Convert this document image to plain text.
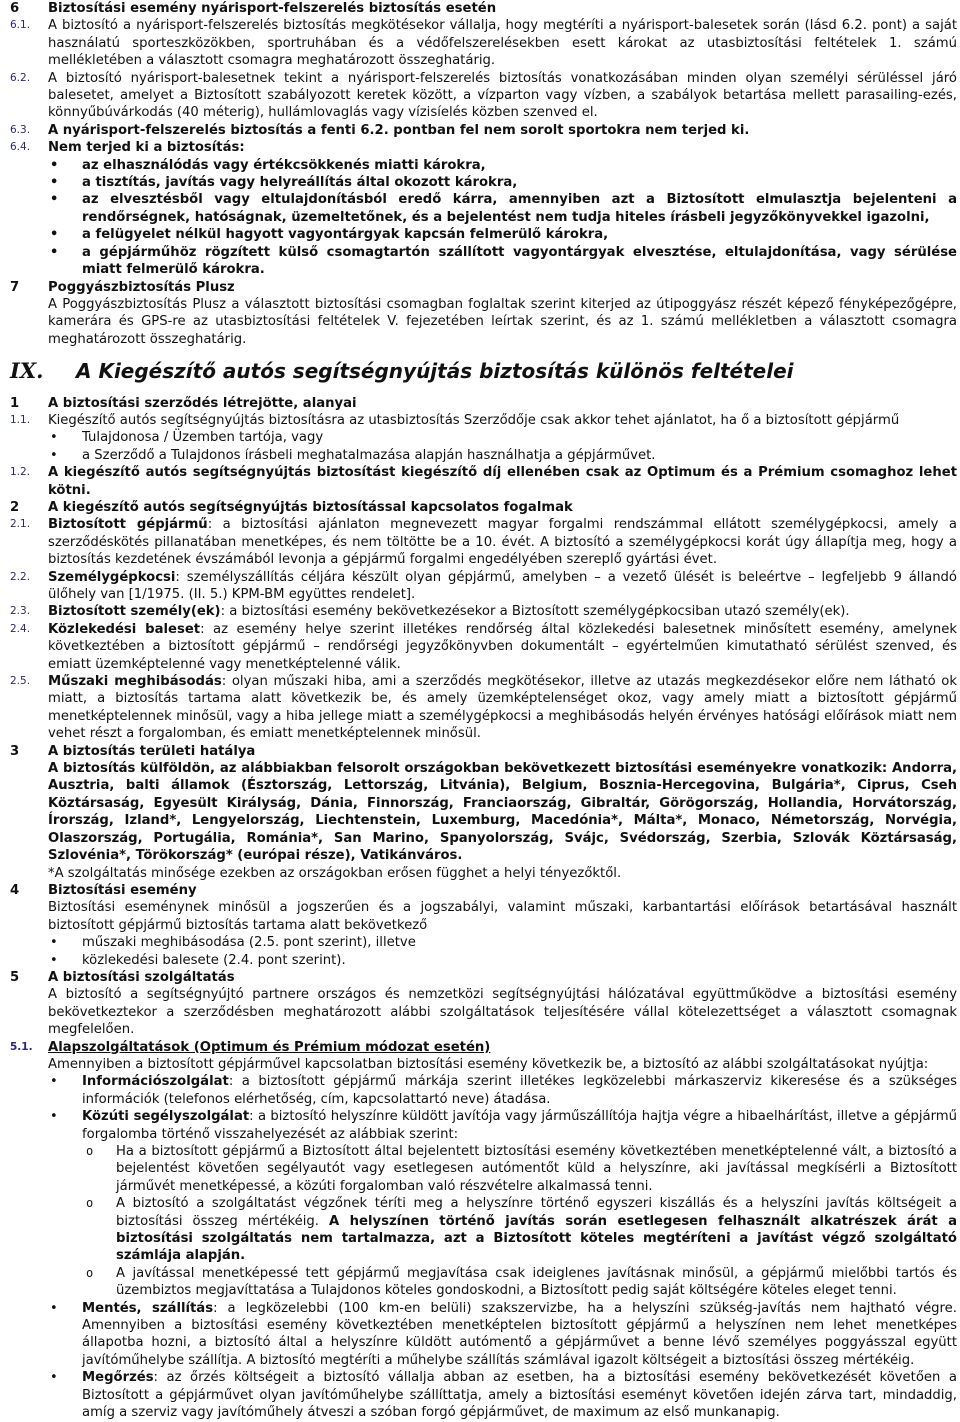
6	Biztosítási esemény nyárisport-felszerelés biztosítás esetén
6.1.	A biztosító a nyárisport-felszerelés biztosítás megkötésekor vállalja, hogy megtéríti a nyárisport-balesetek során (lásd 6.2. pont) a saját használatú sporteszközökben, sportruhában és a védőfelszerelésekben esett károkat az utasbiztosítási feltételek 1. számú mellékletében a választott csomagra meghatározott összeghatárig.
6.2.	A biztosító nyárisport-balesetnek tekint a nyárisport-felszerelés biztosítás vonatkozásában minden olyan személyi sérüléssel járó balesetet, amelyet a Biztosított szabályozott keretek között, a vízparton vagy vízben, a szabályok betartása mellett parasailing-ezés, könnyűbúvárkodás (40 méterig), hullámlovaglás vagy vízisíelés közben szenved el.
6.3.	A nyárisport-felszerelés biztosítás a fenti 6.2. pontban fel nem sorolt sportokra nem terjed ki.
6.4.	Nem terjed ki a biztosítás:
• az elhasználódás vagy értékcsökkenés miatti károkra,
• a tisztítás, javítás vagy helyreállítás által okozott károkra,
• az elvesztésből vagy eltulajdonításból eredő kárra, amennyiben azt a Biztosított elmulasztja bejelenteni a rendőrségnek, hatóságnak, üzemeltetőnek, és a bejelentést nem tudja hiteles írásbeli jegyzőkönyvekkel igazolni,
• a felügyelet nélkül hagyott vagyontárgyak kapcsán felmerülő károkra,
• a gépjárműhöz rögzített külső csomagtartón szállított vagyontárgyak elvesztése, eltulajdonítása, vagy sérülése miatt felmerülő károkra.
7	Poggyászbiztosítás Plusz
A Poggyászbiztosítás Plusz a választott biztosítási csomagban foglaltak szerint kiterjed az útipoggyász részét képező fényképezőgépre, kamerára és GPS-re az utasbiztosítási feltételek V. fejezetében leírtak szerint, és az 1. számú mellékletben a választott csomagra meghatározott összeghatárig.
IX.	A Kiegészítő autós segítségnyújtás biztosítás különös feltételei
1	A biztosítási szerződés létrejötte, alanyai
1.1.	Kiegészítő autós segítségnyújtás biztosításra az utasbiztosítás Szerződője csak akkor tehet ajánlatot, ha ő a biztosított gépjármű
• Tulajdonosa / Üzemben tartója, vagy
• a Szerződő a Tulajdonos írásbeli meghatalmazása alapján használhatja a gépjárművet.
1.2.	A kiegészítő autós segítségnyújtás biztosítást kiegészítő díj ellenében csak az Optimum és a Prémium csomaghoz lehet kötni.
2	A kiegészítő autós segítségnyújtás biztosítással kapcsolatos fogalmak
2.1.	Biztosított gépjármű: a biztosítási ajánlaton megnevezett magyar forgalmi rendszámmal ellátott személygépkocsi, amely a szerződéskötés pillanatában menetképes, és nem töltötte be a 10. évét. A biztosító a személygépkocsi korát úgy állapítja meg, hogy a biztosítás kezdetének évszámából levonja a gépjármű forgalmi engedélyében szereplő gyártási évet.
2.2.	Személygépkocsi: személyszállítás céljára készült olyan gépjármű, amelyben – a vezető ülését is beleértve – legfeljebb 9 állandó ülőhely van [1/1975. (II. 5.) KPM-BM együttes rendelet].
2.3.	Biztosított személy(ek): a biztosítási esemény bekövetkezésekor a Biztosított személygépkocsiban utazó személy(ek).
2.4.	Közlekedési baleset: az esemény helye szerint illetékes rendőrség által közlekedési balesetnek minősített esemény, amelynek következtében a biztosított gépjármű – rendőrségi jegyzőkönyvben dokumentált – egyértelműen kimutatható sérülést szenved, és emiatt üzemképtelenné vagy menetképtelenné válik.
2.5.	Műszaki meghibásodás: olyan műszaki hiba, ami a szerződés megkötésekor, illetve az utazás megkezdésekor előre nem látható ok miatt, a biztosítás tartama alatt következik be, és amely üzemképtelenséget okoz, vagy amely miatt a biztosított gépjármű menetképtelennek minősül, vagy a hiba jellege miatt a személygépkocsi a meghibásodás helyén érvényes hatósági előírások miatt nem vehet részt a forgalomban, és emiatt menetképtelennek minősül.
3	A biztosítás területi hatálya
A biztosítás külföldön, az alábbiakban felsorolt országokban bekövetkezett biztosítási eseményekre vonatkozik: Andorra, Ausztria, balti államok (Észtország, Lettország, Litvánia), Belgium, Bosznia-Hercegovina, Bulgária*, Ciprus, Cseh Köztársaság, Egyesült Királyság, Dánia, Finnország, Franciaország, Gibraltár, Görögország, Hollandia, Horvátország, Írország, Izland*, Lengyelország, Liechtenstein, Luxemburg, Macedónia*, Málta*, Monaco, Németország, Norvégia, Olaszország, Portugália, Románia*, San Marino, Spanyolország, Svájc, Svédország, Szerbia, Szlovák Köztársaság, Szlovénia*, Törökország* (európai része), Vatikánváros.
*A szolgáltatás minősége ezekben az országokban erősen függhet a helyi tényezőktől.
4	Biztosítási esemény
Biztosítási eseménynek minősül a jogszerűen és a jogszabályi, valamint műszaki, karbantartási előírások betartásával használt biztosított gépjármű biztosítás tartama alatt bekövetkező
• műszaki meghibásodása (2.5. pont szerint), illetve
• közlekedési balesete (2.4. pont szerint).
5	A biztosítási szolgáltatás
A biztosító a segítségnyújtó partnere országos és nemzetközi segítségnyújtási hálózatával együttműködve a biztosítási esemény bekövetkeztekor a szerződésben meghatározott alábbi szolgáltatások teljesítésére vállal kötelezettséget a választott csomagnak megfelelően.
5.1.	Alapszolgáltatások (Optimum és Prémium módozat esetén)
Amennyiben a biztosított gépjárművel kapcsolatban biztosítási esemény következik be, a biztosító az alábbi szolgáltatásokat nyújtja:
• Információszolgálat: a biztosított gépjármű márkája szerint illetékes legközelebbi márkaszerviz kikeresése és a szükséges információk (telefonos elérhetőség, cím, kapcsolattartó neve) átadása.
• Közúti segélyszolgálat: a biztosító helyszínre küldött javítója vagy járműszállítója hajtja végre a hibaelhárítást, illetve a gépjármű forgalomba történő visszahelyezését az alábbiak szerint:
o Ha a biztosított gépjármű a Biztosított által bejelentett biztosítási esemény következtében menetképtelenné vált, a biztosító a bejelentést követően segélyautót vagy esetlegesen autómentőt küld a helyszínre, aki javítással megkísérli a Biztosított járművét menetképessé, a közúti forgalomban való részvételre alkalmassá tenni.
o A biztosító a szolgáltatást végzőnek téríti meg a helyszínre történő egyszeri kiszállás és a helyszíni javítás költségeit a biztosítási összeg mértékéig. A helyszínen történő javítás során esetlegesen felhasznált alkatrészek árát a biztosítási szolgáltatás nem tartalmazza, azt a Biztosított köteles megtéríteni a javítást végző szolgáltató számlája alapján.
o A javítással menetképessé tett gépjármű megjavítása csak ideiglenes javításnak minősül, a gépjármű mielőbbi tartós és üzembiztos megjavíttatása a Tulajdonos köteles gondoskodni, a Biztosított pedig saját költségére köteles eleget tenni.
• Mentés, szállítás: a legközelebbi (100 km-en belüli) szakszervizbe, ha a helyszíni szükség-javítás nem hajtható végre. Amennyiben a biztosítási esemény következtében menetképtelen biztosított gépjármű a helyszínen nem lehet menetképes állapotba hozni, a biztosító által a helyszínre küldött autómentő a gépjárművet a benne lévő személyes poggyásszal együtt javítóműhelybe szállítja. A biztosító megtéríti a műhelybe szállítás számlával igazolt költségeit a biztosítási összeg mértékéig.
• Megőrzés: az őrzés költségeit a biztosító vállalja abban az esetben, ha a biztosítási esemény bekövetkezését követően a Biztosított a gépjárművet olyan javítóműhelybe szállíttatja, amely a biztosítási eseményt követően idején zárva tart, mindaddig, amíg a szerviz vagy javítóműhely átveszi a szóban forgó gépjárművet, de maximum az első munkanapig.
